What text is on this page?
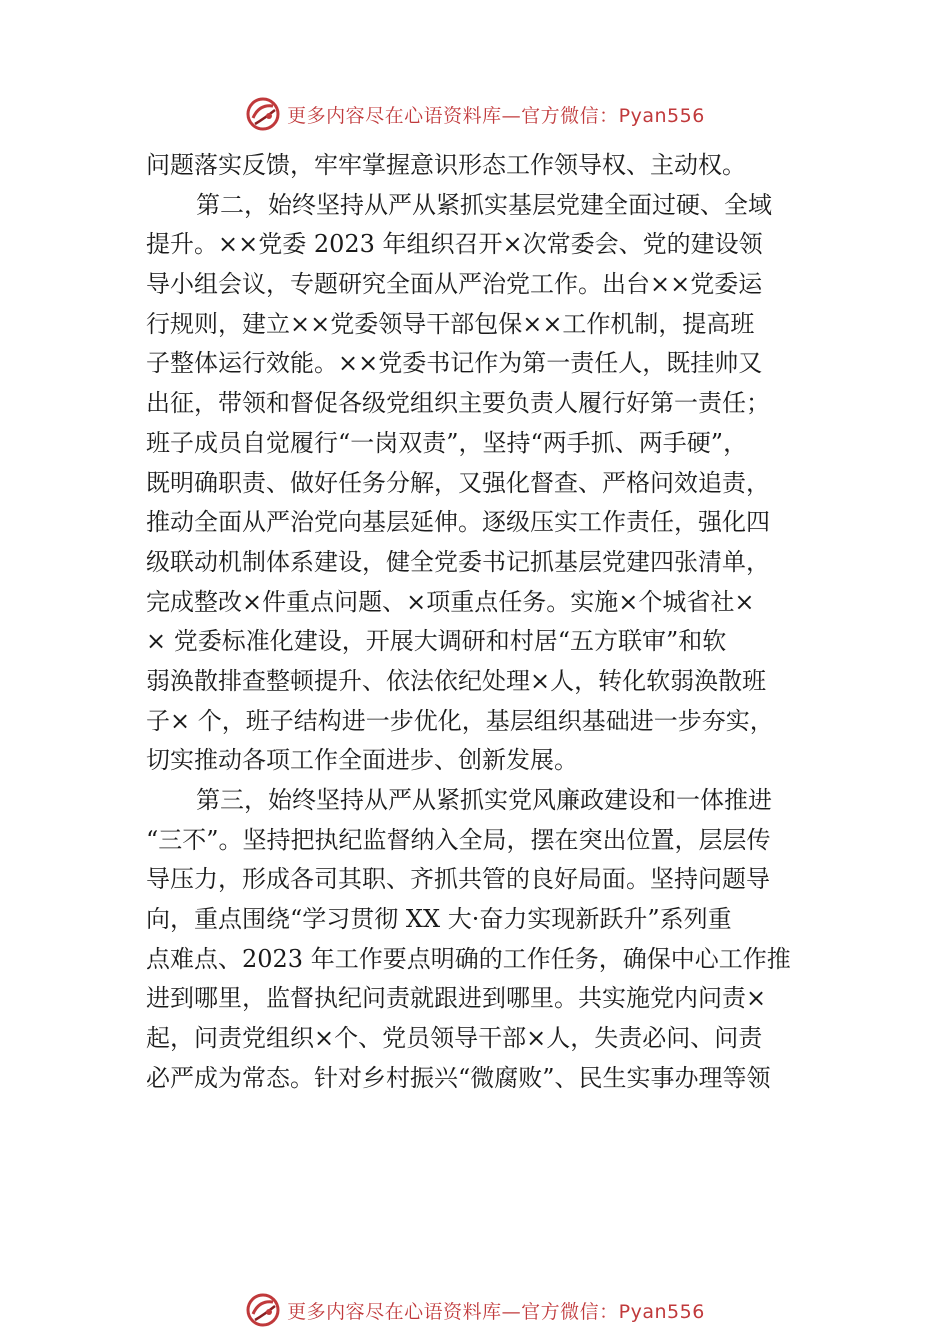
更多内容尽在心语资料库—官方微信：Pyan556
问题落实反馈，牢牢掌握意识形态工作领导权、主动权。
第二，始终坚持从严从紧抓实基层党建全面过硬、全域
提升。××党委 2023 年组织召开×次常委会、党的建设领
导小组会议，专题研究全面从严治党工作。出台××党委运
行规则，建立××党委领导干部包保××工作机制，提高班
子整体运行效能。××党委书记作为第一责任人，既挂帅又
出征，带领和督促各级党组织主要负责人履行好第一责任；
班子成员自觉履行“一岗双责”，坚持“两手抓、两手硬”，
既明确职责、做好任务分解，又强化督查、严格问效追责，
推动全面从严治党向基层延伸。逐级压实工作责任，强化四
级联动机制体系建设，健全党委书记抓基层党建四张清单，
完成整改×件重点问题、×项重点任务。实施×个城省社×
× 党委标准化建设，开展大调研和村居“五方联审”和软
弱涣散排查整顿提升、依法依纪处理×人，转化软弱涣散班
子× 个，班子结构进一步优化，基层组织基础进一步夯实，
切实推动各项工作全面进步、创新发展。
第三，始终坚持从严从紧抓实党风廉政建设和一体推进
“三不”。坚持把执纪监督纳入全局，摆在突出位置，层层传
导压力，形成各司其职、齐抓共管的良好局面。坚持问题导
向，重点围绕“学习贯彻 XX 大·奋力实现新跃升”系列重
点难点、2023 年工作要点明确的工作任务，确保中心工作推
进到哪里，监督执纪问责就跟进到哪里。共实施党内问责×
起，问责党组织×个、党员领导干部×人，失责必问、问责
必严成为常态。针对乡村振兴“微腐败”、民生实事办理等领
更多内容尽在心语资料库—官方微信：Pyan556
